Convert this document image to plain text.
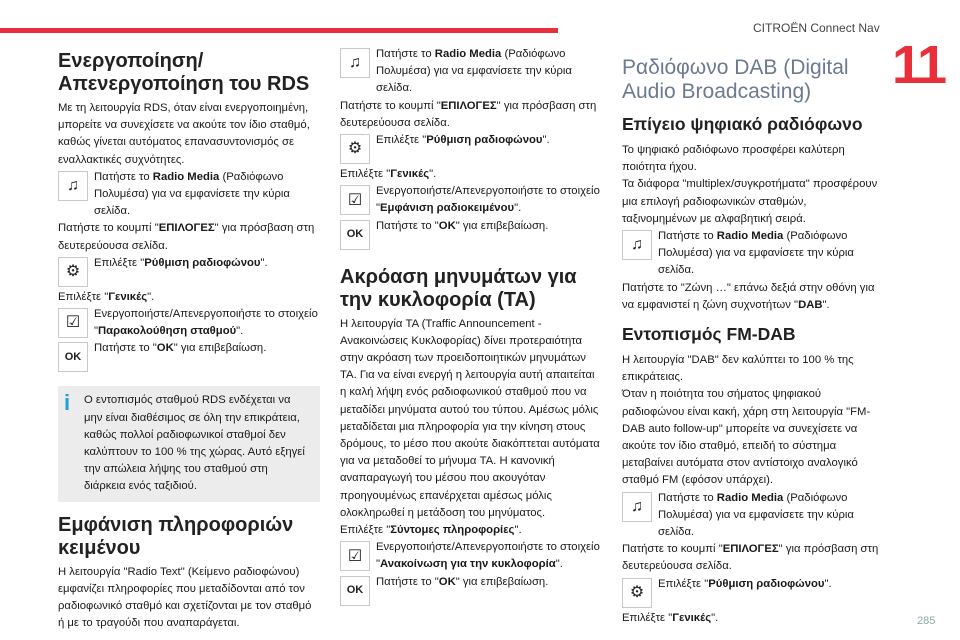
CITROËN Connect Nav
11
Ενεργοποίηση/ Απενεργοποίηση του RDS

Με τη λειτουργία RDS, όταν είναι ενεργοποιημένη, μπορείτε να συνεχίσετε να ακούτε τον ίδιο σταθμό, καθώς γίνεται αυτόματος επανασυντονισμός σε εναλλακτικές συχνότητες.

♫

Πατήστε το Radio Media (Ραδιόφωνο Πολυμέσα) για να εμφανίσετε την κύρια σελίδα.

Πατήστε το κουμπί "ΕΠΙΛΟΓΕΣ" για πρόσβαση στη δευτερεύουσα σελίδα.

⚙

Επιλέξτε "Ρύθμιση ραδιοφώνου".

Επιλέξτε "Γενικές".

☑

Ενεργοποιήστε/Απενεργοποιήστε το στοιχείο "Παρακολούθηση σταθμού".

OK

Πατήστε το "OK" για επιβεβαίωση.

i	Ο εντοπισμός σταθμού RDS ενδέχεται να μην είναι διαθέσιμος σε όλη την επικράτεια, καθώς πολλοί ραδιοφωνικοί σταθμοί δεν καλύπτουν το 100 % της χώρας. Αυτό εξηγεί την απώλεια λήψης του σταθμού στη διάρκεια ενός ταξιδιού.

Εμφάνιση πληροφοριών κειμένου

Η λειτουργία "Radio Text" (Κείμενο ραδιοφώνου) εμφανίζει πληροφορίες που μεταδίδονται από τον ραδιοφωνικό σταθμό και σχετίζονται με τον σταθμό ή με το τραγούδι που αναπαράγεται.

♫

Πατήστε το Radio Media (Ραδιόφωνο Πολυμέσα) για να εμφανίσετε την κύρια σελίδα.

Πατήστε το κουμπί "ΕΠΙΛΟΓΕΣ" για πρόσβαση στη δευτερεύουσα σελίδα.

⚙

Επιλέξτε "Ρύθμιση ραδιοφώνου".

Επιλέξτε "Γενικές".

☑

Ενεργοποιήστε/Απενεργοποιήστε το στοιχείο "Εμφάνιση ραδιοκειμένου".

OK

Πατήστε το "OK" για επιβεβαίωση.

Ακρόαση μηνυμάτων για την κυκλοφορία (TA)

Η λειτουργία TA (Traffic Announcement - Ανακοινώσεις Κυκλοφορίας) δίνει προτεραιότητα στην ακρόαση των προειδοποιητικών μηνυμάτων TA. Για να είναι ενεργή η λειτουργία αυτή απαιτείται η καλή λήψη ενός ραδιοφωνικού σταθμού που να μεταδίδει μηνύματα αυτού του τύπου. Αμέσως μόλις μεταδίδεται μια πληροφορία για την κίνηση στους δρόμους, το μέσο που ακούτε διακόπτεται αυτόματα για να μεταδοθεί το μήνυμα TA. Η κανονική αναπαραγωγή του μέσου που ακουγόταν προηγουμένως επανέρχεται αμέσως μόλις ολοκληρωθεί η μετάδοση του μηνύματος.

Επιλέξτε "Σύντομες πληροφορίες".

☑

Ενεργοποιήστε/Απενεργοποιήστε το στοιχείο "Ανακοίνωση για την κυκλοφορία".

OK

Πατήστε το "OK" για επιβεβαίωση.

Ραδιόφωνο DAB (Digital Audio Broadcasting)
Επίγειο ψηφιακό ραδιόφωνο

Το ψηφιακό ραδιόφωνο προσφέρει καλύτερη ποιότητα ήχου.

Τα διάφορα "multiplex/συγκροτήματα" προσφέρουν μια επιλογή ραδιοφωνικών σταθμών, ταξινομημένων με αλφαβητική σειρά.

♫

Πατήστε το Radio Media (Ραδιόφωνο Πολυμέσα) για να εμφανίσετε την κύρια σελίδα.

Πατήστε το "Ζώνη …" επάνω δεξιά στην οθόνη για να εμφανιστεί η ζώνη συχνοτήτων "DAB".

Εντοπισμός FM-DAB

Η λειτουργία "DAB" δεν καλύπτει το 100 % της επικράτειας.

Όταν η ποιότητα του σήματος ψηφιακού ραδιοφώνου είναι κακή, χάρη στη λειτουργία "FM-DAB auto follow-up" μπορείτε να συνεχίσετε να ακούτε τον ίδιο σταθμό, επειδή το σύστημα μεταβαίνει αυτόματα στον αντίστοιχο αναλογικό σταθμό FM (εφόσον υπάρχει).

♫

Πατήστε το Radio Media (Ραδιόφωνο Πολυμέσα) για να εμφανίσετε την κύρια σελίδα.

Πατήστε το κουμπί "ΕΠΙΛΟΓΕΣ" για πρόσβαση στη δευτερεύουσα σελίδα.

⚙

Επιλέξτε "Ρύθμιση ραδιοφώνου".

Επιλέξτε "Γενικές".	285
